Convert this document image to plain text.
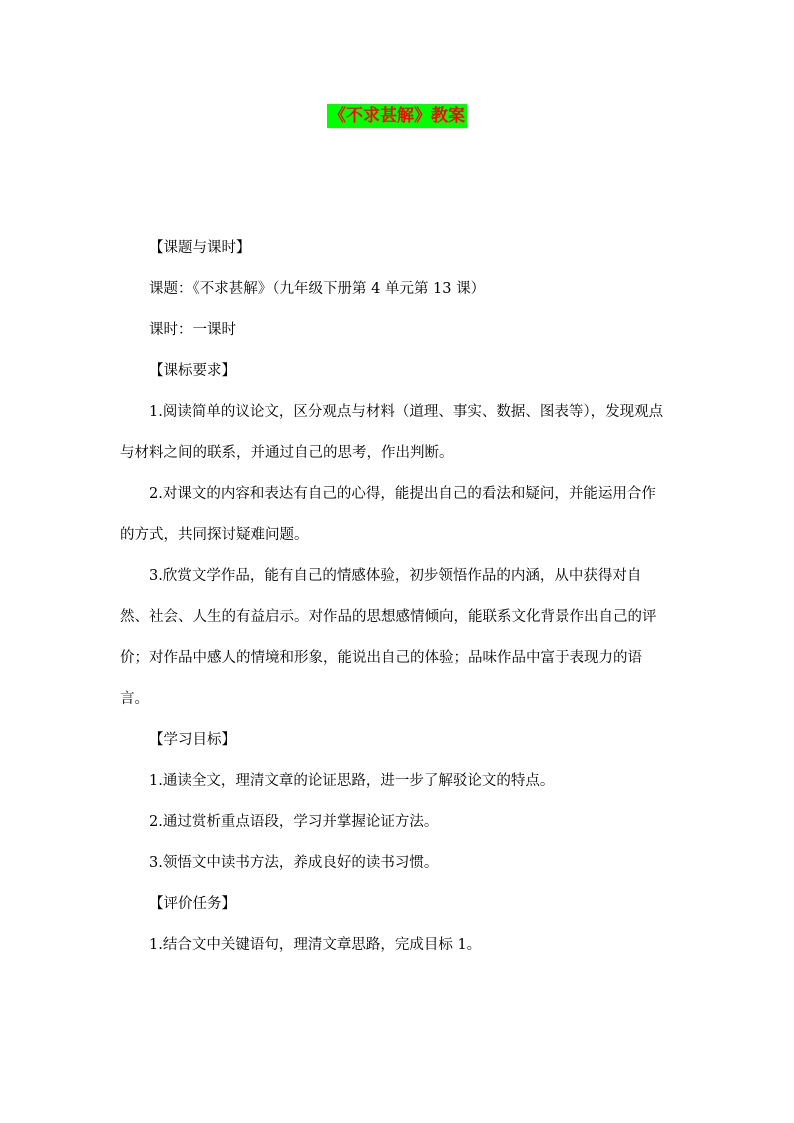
《不求甚解》教案

【课题与课时】

课题：《不求甚解》（九年级下册第 4 单元第 13 课）

课时：一课时

【课标要求】

1.阅读简单的议论文，区分观点与材料（道理、事实、数据、图表等），发现观点与材料之间的联系，并通过自己的思考，作出判断。

2.对课文的内容和表达有自己的心得，能提出自己的看法和疑问，并能运用合作的方式，共同探讨疑难问题。

3.欣赏文学作品，能有自己的情感体验，初步领悟作品的内涵，从中获得对自然、社会、人生的有益启示。对作品的思想感情倾向，能联系文化背景作出自己的评价；对作品中感人的情境和形象，能说出自己的体验；品味作品中富于表现力的语言。

【学习目标】

1.通读全文，理清文章的论证思路，进一步了解驳论文的特点。

2.通过赏析重点语段，学习并掌握论证方法。

3.领悟文中读书方法，养成良好的读书习惯。

【评价任务】

1.结合文中关键语句，理清文章思路，完成目标 1。
